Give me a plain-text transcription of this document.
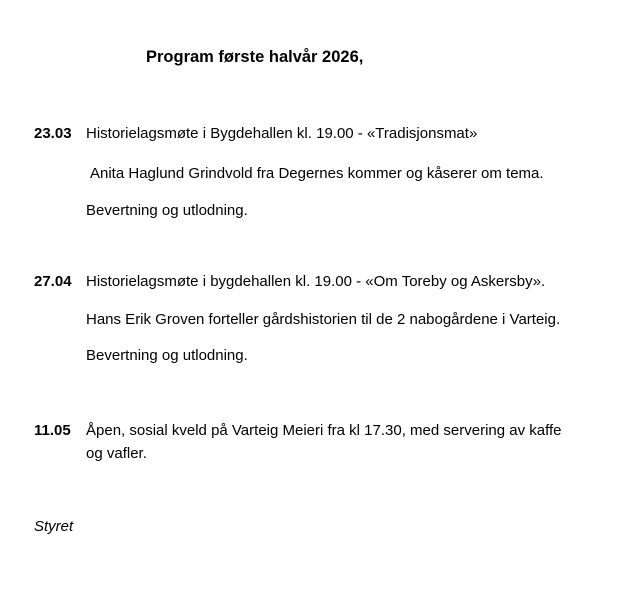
Program første halvår 2026,
23.03 Historielagsmøte i Bygdehallen kl. 19.00 - «Tradisjonsmat»
Anita Haglund Grindvold fra Degernes kommer og kåserer om tema.
Bevertning og utlodning.
27.04 Historielagsmøte i bygdehallen kl. 19.00 - «Om Toreby og Askersby».
Hans Erik Groven forteller gårdshistorien til de 2 nabogårdene i Varteig.
Bevertning og utlodning.
11.05 Åpen, sosial kveld på Varteig Meieri fra kl 17.30, med servering av kaffe
og vafler.
Styret
